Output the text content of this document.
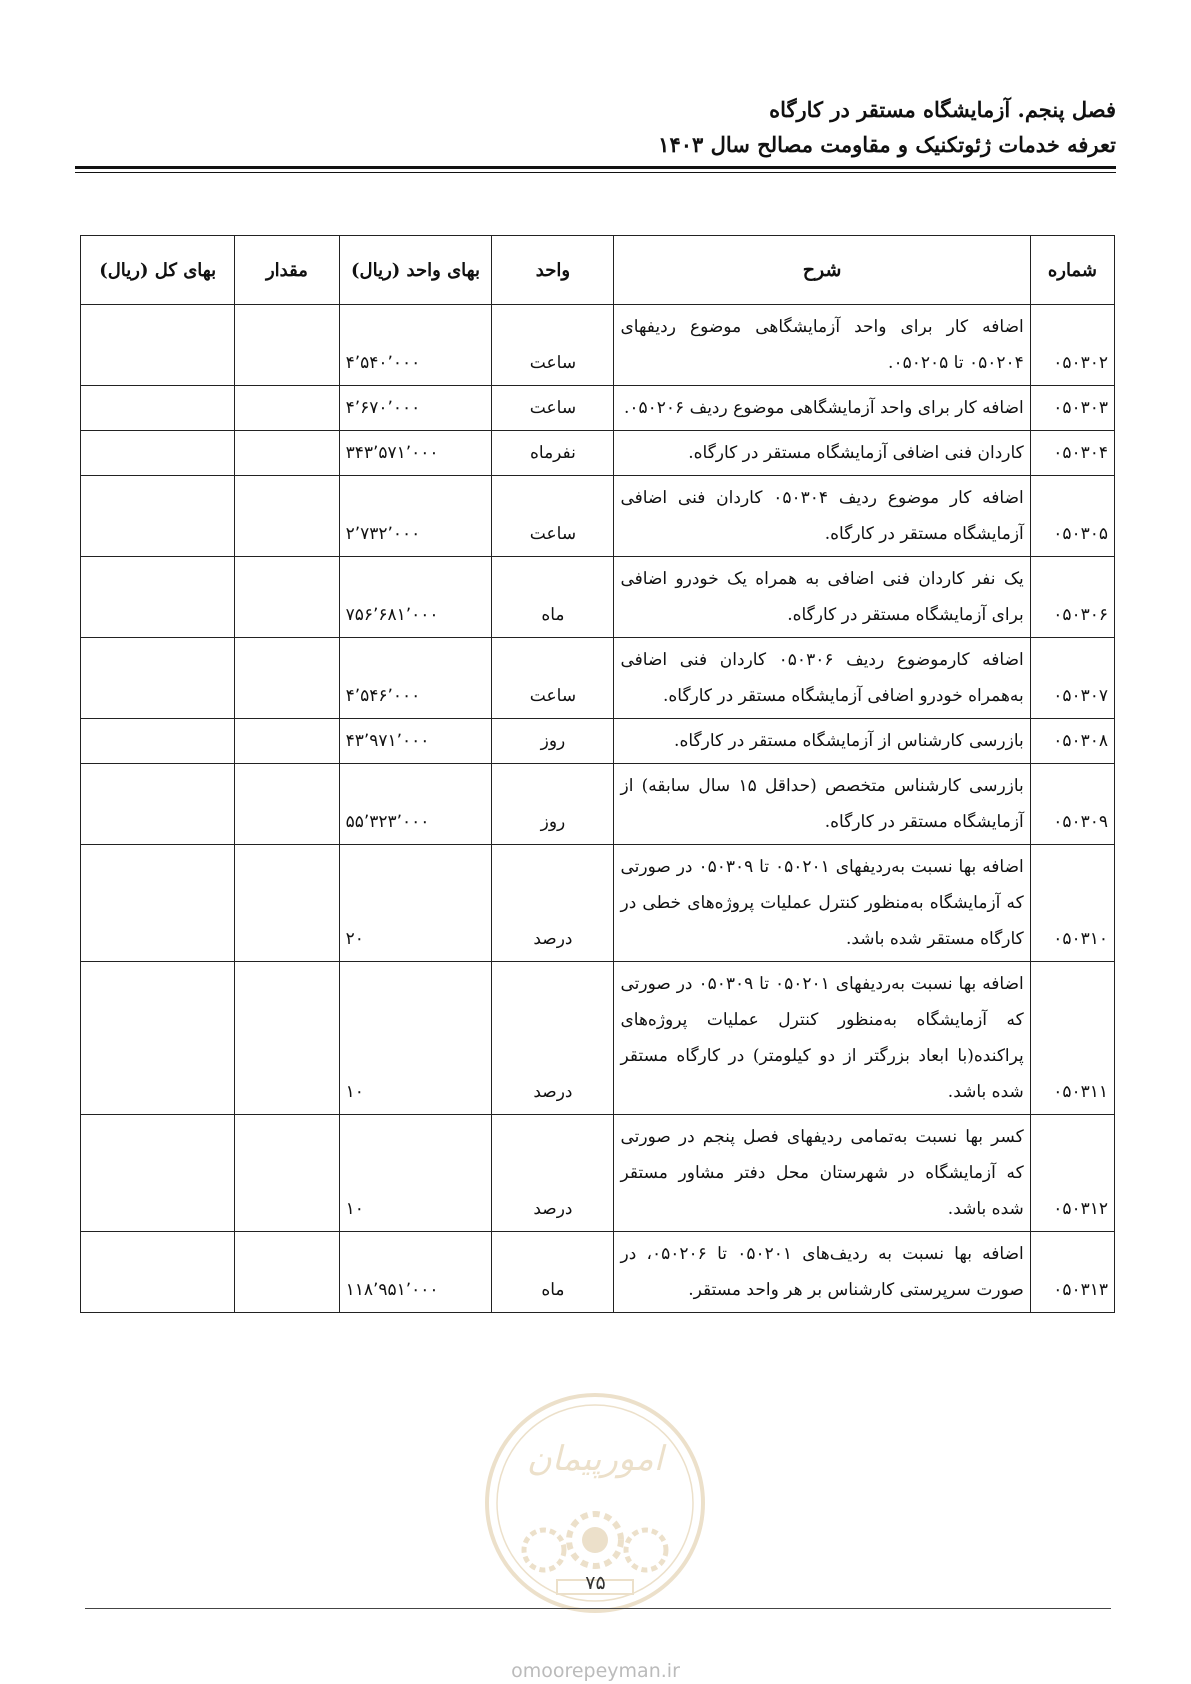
فصل پنجم. آزمایشگاه مستقر در کارگاه
تعرفه خدمات ژئوتکنیک و مقاومت مصالح سال ۱۴۰۳
شماره	شرح	واحد	بهای واحد (ریال)	مقدار	بهای کل (ریال)
۰۵۰۳۰۲	اضافه کار برای واحد آزمایشگاهی موضوع ردیفهای ۰۵۰۲۰۴ تا ۰۵۰۲۰۵.	ساعت	۴٬۵۴۰٬۰۰۰		
۰۵۰۳۰۳	اضافه کار برای واحد آزمایشگاهی موضوع ردیف ۰۵۰۲۰۶.	ساعت	۴٬۶۷۰٬۰۰۰		
۰۵۰۳۰۴	کاردان فنی اضافی آزمایشگاه مستقر در کارگاه.	نفرماه	۳۴۳٬۵۷۱٬۰۰۰		
۰۵۰۳۰۵	اضافه کار موضوع ردیف ۰۵۰۳۰۴ کاردان فنی اضافی آزمایشگاه مستقر در کارگاه.	ساعت	۲٬۷۳۲٬۰۰۰		
۰۵۰۳۰۶	یک نفر کاردان فنی اضافی به همراه یک خودرو اضافی برای آزمایشگاه مستقر در کارگاه.	ماه	۷۵۶٬۶۸۱٬۰۰۰		
۰۵۰۳۰۷	اضافه کارموضوع ردیف ۰۵۰۳۰۶ کاردان فنی اضافی به‌همراه خودرو اضافی آزمایشگاه مستقر در کارگاه.	ساعت	۴٬۵۴۶٬۰۰۰		
۰۵۰۳۰۸	بازرسی کارشناس از آزمایشگاه مستقر در کارگاه.	روز	۴۳٬۹۷۱٬۰۰۰		
۰۵۰۳۰۹	بازرسی کارشناس متخصص (حداقل ۱۵ سال سابقه) از آزمایشگاه مستقر در کارگاه.	روز	۵۵٬۳۲۳٬۰۰۰		
۰۵۰۳۱۰	اضافه بها نسبت به‌ردیفهای ۰۵۰۲۰۱ تا ۰۵۰۳۰۹ در صورتی که آزمایشگاه به‌منظور کنترل عملیات پروژه‌های خطی در کارگاه مستقر شده باشد.	درصد	۲۰		
۰۵۰۳۱۱	اضافه بها نسبت به‌ردیفهای ۰۵۰۲۰۱ تا ۰۵۰۳۰۹ در صورتی که آزمایشگاه به‌منظور کنترل عملیات پروژه‌های پراکنده(با ابعاد بزرگتر از دو کیلومتر) در کارگاه مستقر شده باشد.	درصد	۱۰		
۰۵۰۳۱۲	کسر بها نسبت به‌تمامی ردیفهای فصل پنجم در صورتی که آزمایشگاه در شهرستان محل دفتر مشاور مستقر شده باشد.	درصد	۱۰		
۰۵۰۳۱۳	اضافه بها نسبت به ردیف‌های ۰۵۰۲۰۱ تا ۰۵۰۲۰۶، در صورت سرپرستی کارشناس بر هر واحد مستقر.	ماه	۱۱۸٬۹۵۱٬۰۰۰		
امورپیمان
۷۵
omoorepeyman.ir
